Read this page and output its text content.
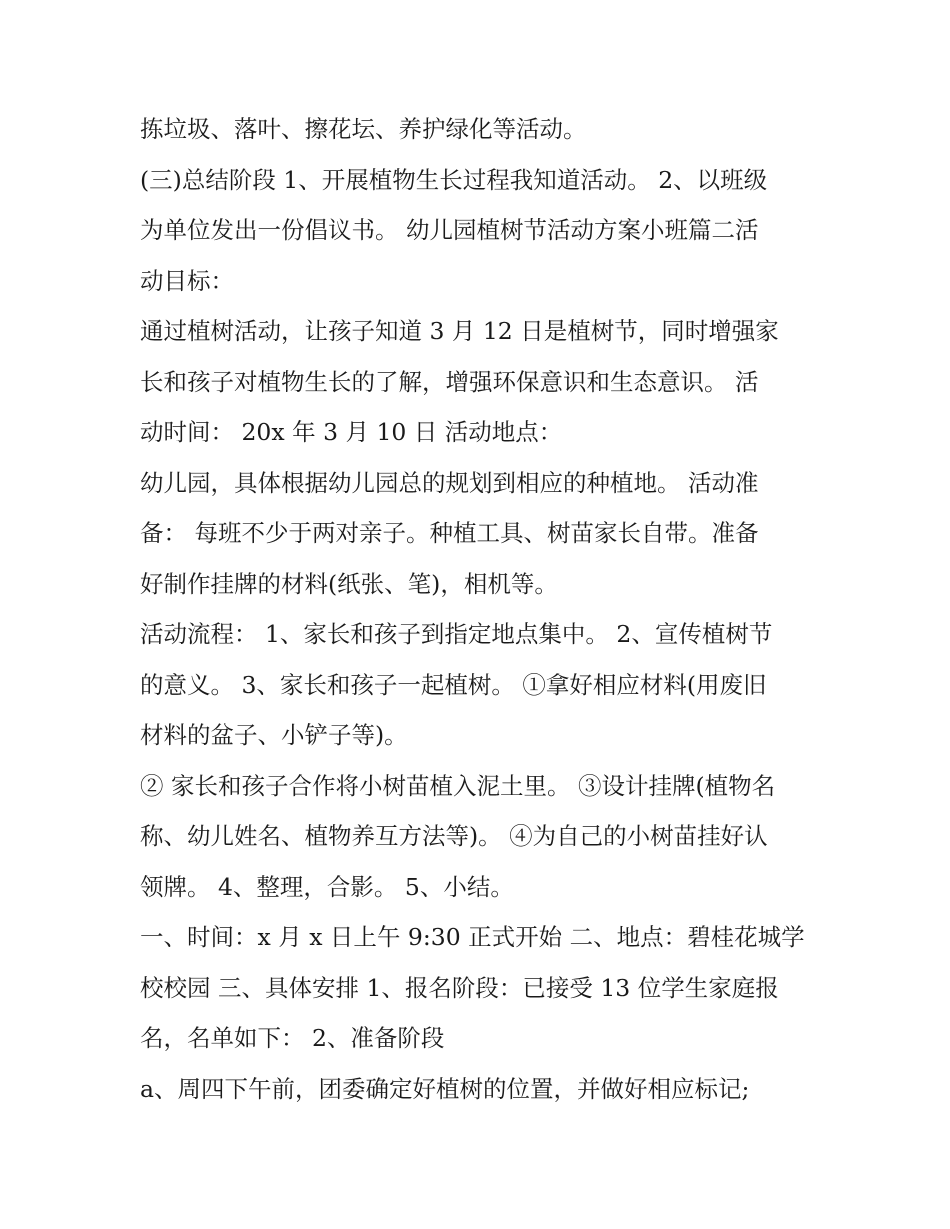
拣垃圾、落叶、擦花坛、养护绿化等活动。
(三)总结阶段 1、开展植物生长过程我知道活动。 2、以班级
为单位发出一份倡议书。 幼儿园植树节活动方案小班篇二活
动目标：
通过植树活动，让孩子知道 3 月 12 日是植树节，同时增强家
长和孩子对植物生长的了解，增强环保意识和生态意识。 活
动时间： 20x 年 3 月 10 日 活动地点：
幼儿园，具体根据幼儿园总的规划到相应的种植地。 活动准
备： 每班不少于两对亲子。种植工具、树苗家长自带。准备
好制作挂牌的材料(纸张、笔)，相机等。
活动流程： 1、家长和孩子到指定地点集中。 2、宣传植树节
的意义。 3、家长和孩子一起植树。 ①拿好相应材料(用废旧
材料的盆子、小铲子等)。
② 家长和孩子合作将小树苗植入泥土里。 ③设计挂牌(植物名
称、幼儿姓名、植物养互方法等)。 ④为自己的小树苗挂好认
领牌。 4、整理，合影。 5、小结。
一、时间：x 月 x 日上午 9:30 正式开始 二、地点：碧桂花城学
校校园 三、具体安排 1、报名阶段：已接受 13 位学生家庭报
名，名单如下： 2、准备阶段
a、周四下午前，团委确定好植树的位置，并做好相应标记;
